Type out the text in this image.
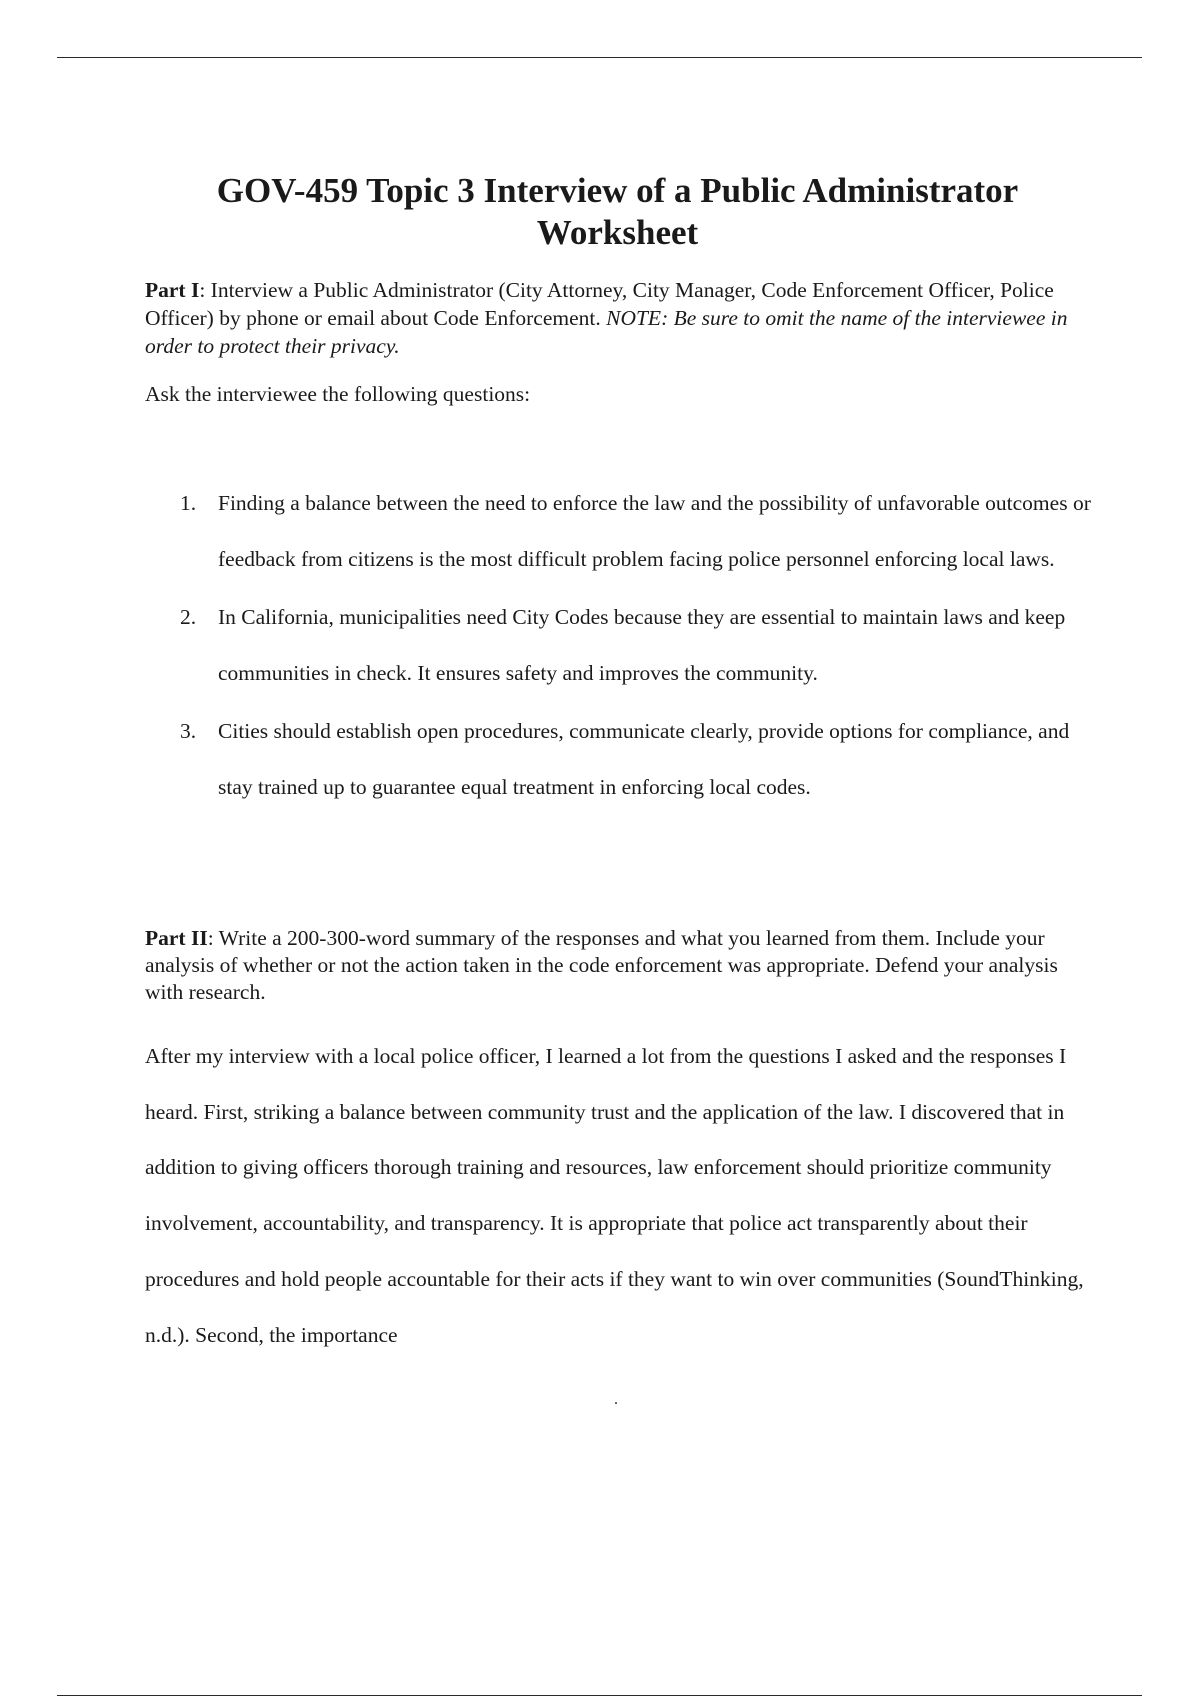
GOV-459 Topic 3 Interview of a Public Administrator Worksheet

Part I: Interview a Public Administrator (City Attorney, City Manager, Code Enforcement Officer, Police Officer) by phone or email about Code Enforcement. NOTE: Be sure to omit the name of the interviewee in order to protect their privacy.

Ask the interviewee the following questions:

1. Finding a balance between the need to enforce the law and the possibility of unfavorable outcomes or feedback from citizens is the most difficult problem facing police personnel enforcing local laws.
2. In California, municipalities need City Codes because they are essential to maintain laws and keep communities in check. It ensures safety and improves the community.
3. Cities should establish open procedures, communicate clearly, provide options for compliance, and stay trained up to guarantee equal treatment in enforcing local codes.

Part II: Write a 200-300-word summary of the responses and what you learned from them. Include your analysis of whether or not the action taken in the code enforcement was appropriate. Defend your analysis with research.

After my interview with a local police officer, I learned a lot from the questions I asked and the responses I heard. First, striking a balance between community trust and the application of the law. I discovered that in addition to giving officers thorough training and resources, law enforcement should prioritize community involvement, accountability, and transparency. It is appropriate that police act transparently about their procedures and hold people accountable for their acts if they want to win over communities (SoundThinking, n.d.). Second, the importance

.
